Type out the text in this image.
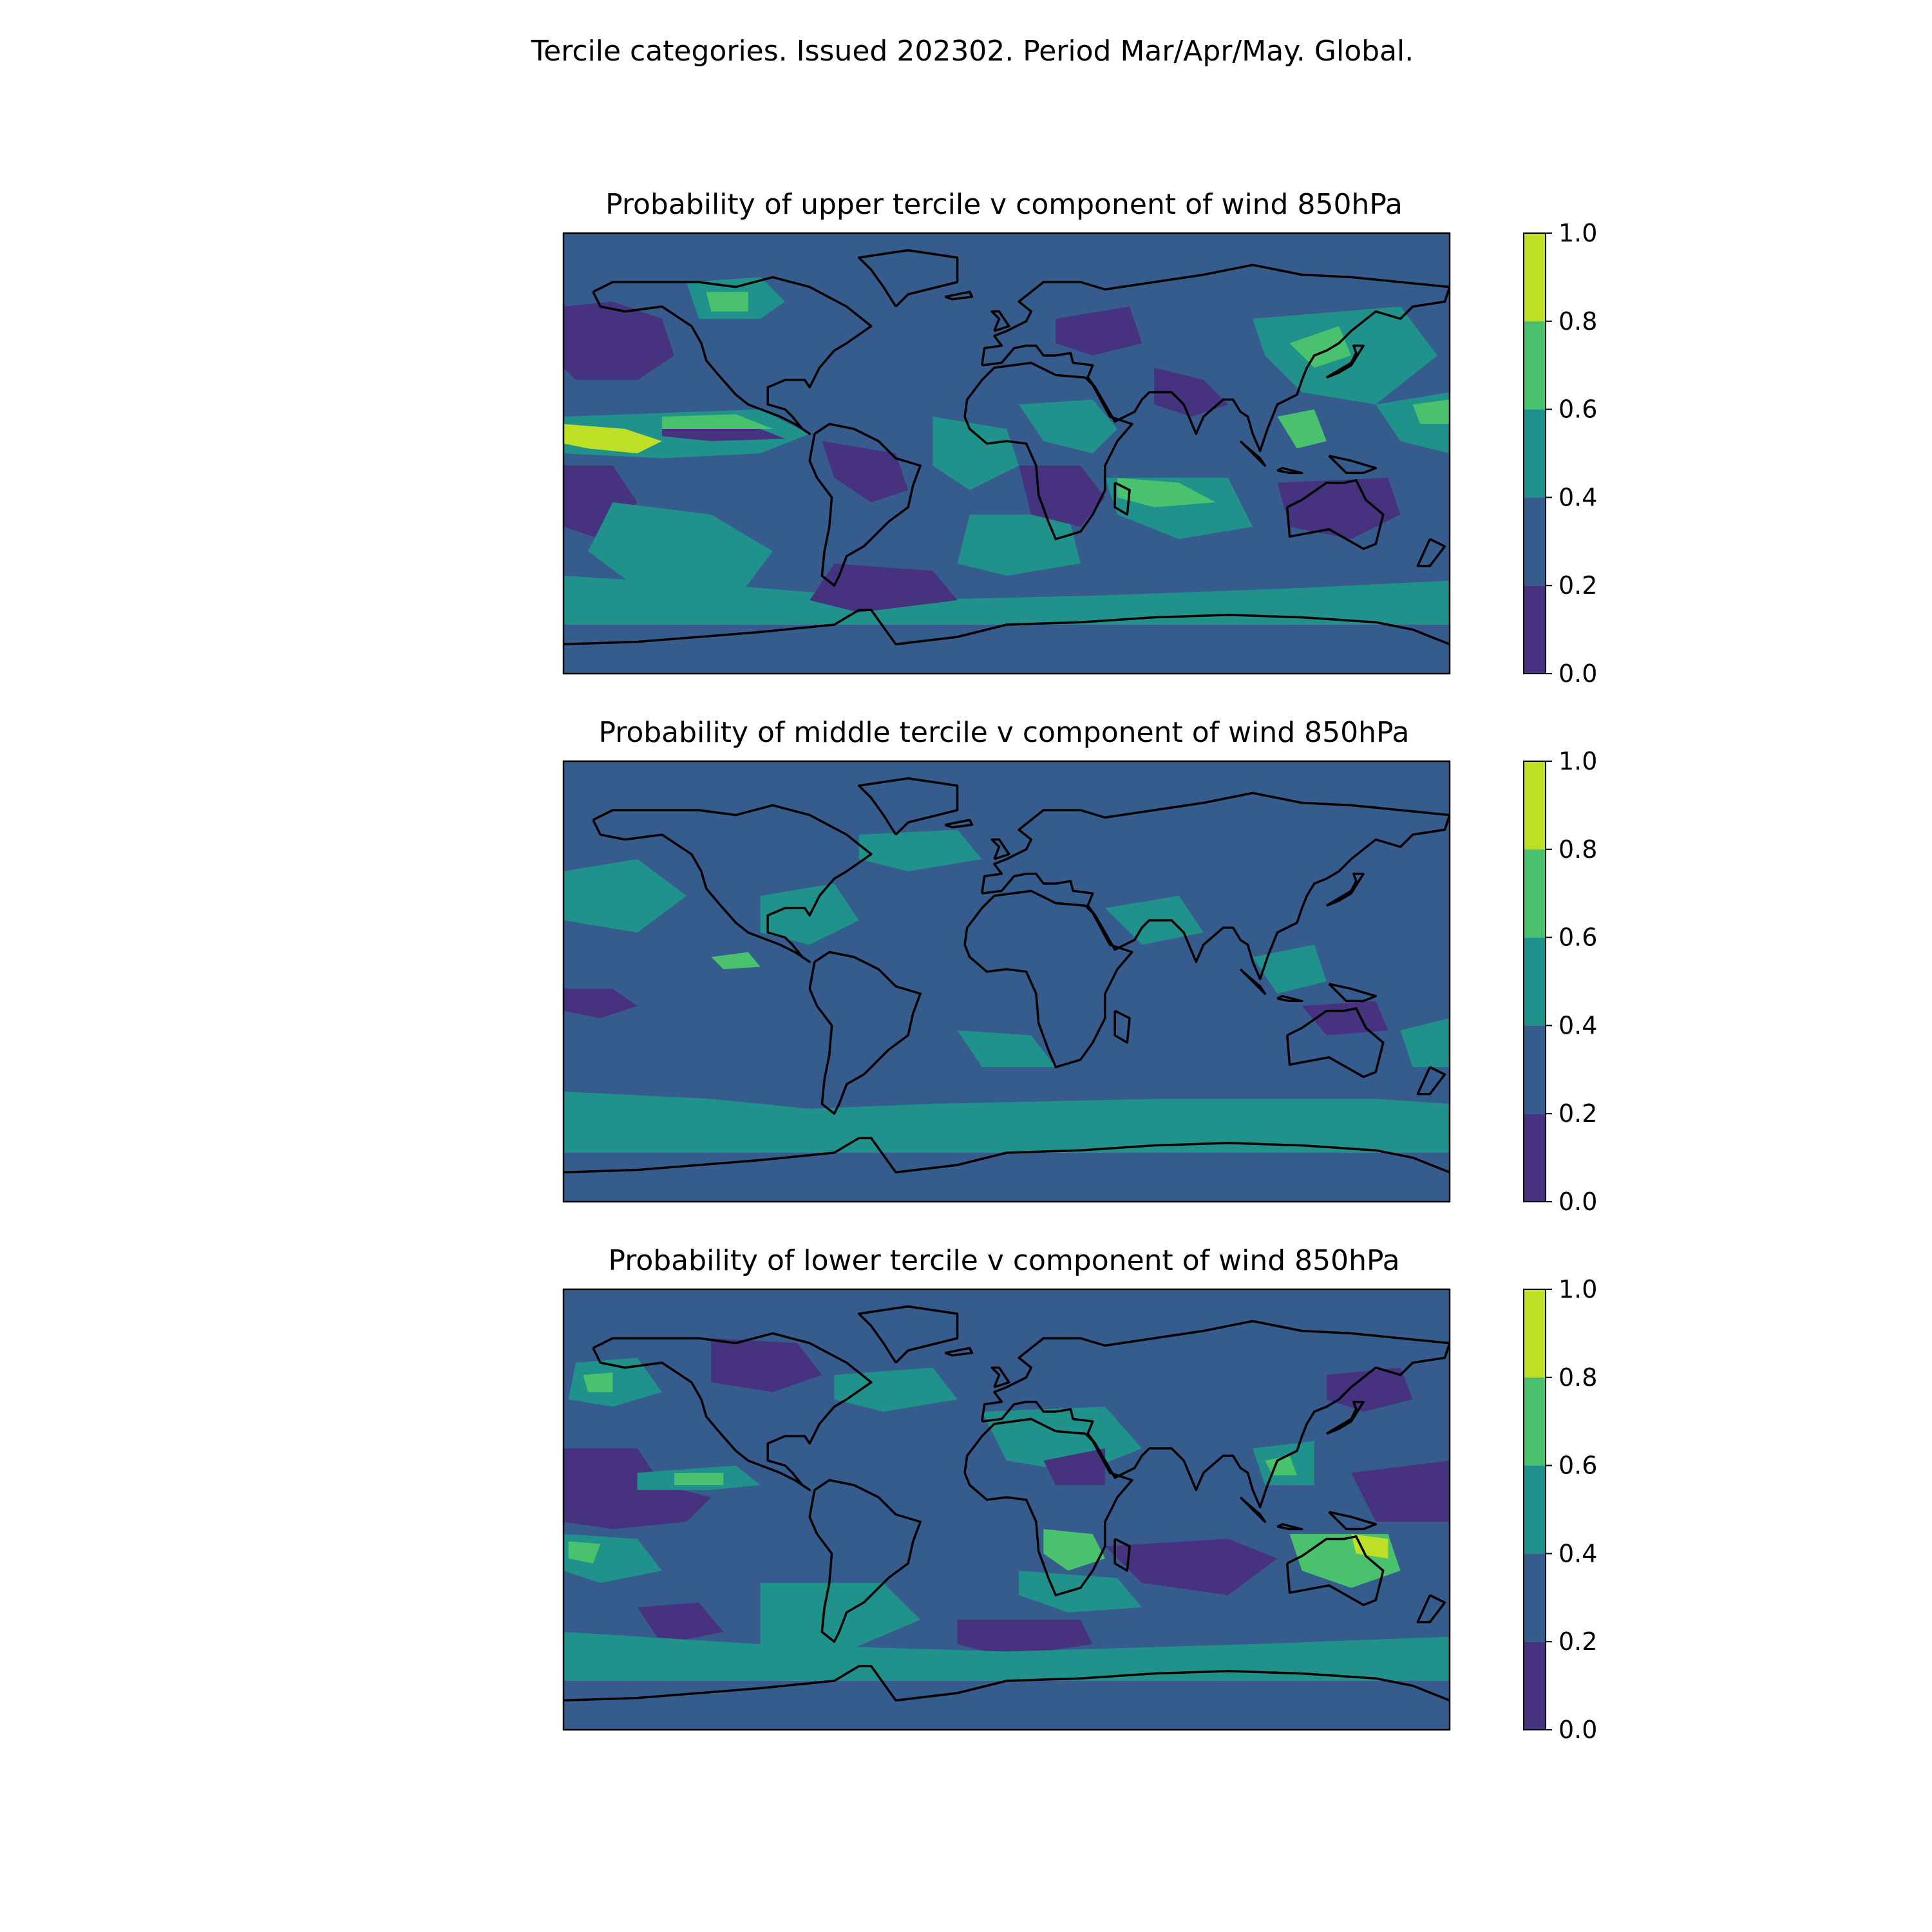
Tercile categories. Issued 202302. Period Mar/Apr/May. Global.
Probability of upper tercile v component of wind 850hPa
0.0
0.2
0.4
0.6
0.8
1.0
Probability of middle tercile v component of wind 850hPa
0.0
0.2
0.4
0.6
0.8
1.0
Probability of lower tercile v component of wind 850hPa
0.0
0.2
0.4
0.6
0.8
1.0
